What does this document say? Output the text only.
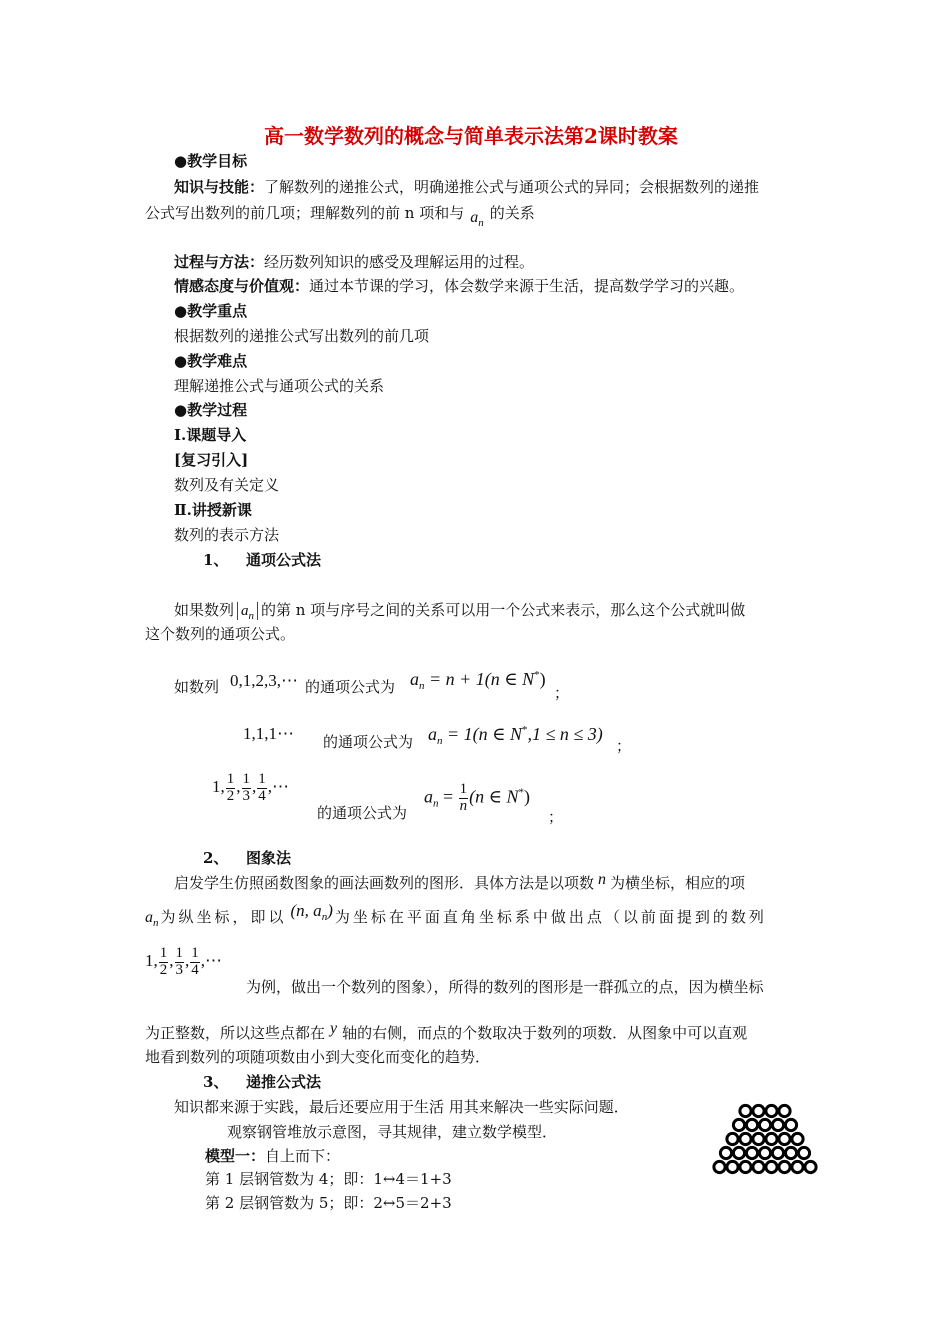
高一数学数列的概念与简单表示法第2课时教案
●教学目标
知识与技能：了解数列的递推公式，明确递推公式与通项公式的异同；会根据数列的递推
公式写出数列的前几项；理解数列的前 n 项和与 $a_n$的关系
过程与方法：经历数列知识的感受及理解运用的过程。
情感态度与价值观：通过本节课的学习，体会数学来源于生活，提高数学学习的兴趣。
●教学重点
根据数列的递推公式写出数列的前几项
●教学难点
理解递推公式与通项公式的关系
●教学过程
Ⅰ.课题导入
[复习引入]
数列及有关定义
Ⅱ.讲授新课
数列的表示方法
1、 通项公式法
如果数列 $a_n$ 的第 n 项与序号之间的关系可以用一个公式来表示，那么这个公式就叫做
这个数列的通项公式。
如数列 0,1,2,3,⋯ 的通项公式为 $a_n = n + 1(n$ ∈ N*)
；
1,1,1⋯ 的通项公式为 $a_n = 1(n$ ∈ N*,1 ≤ n ≤ 3)
；
1, $\frac{1}{2}$ , $\frac{1}{3}$ , $\frac{1}{4}$ ,⋯
的通项公式为
$a_n = \frac{1}{n} (n$ ∈ N*)
；
2、 图象法
启发学生仿照函数图象的画法画数列的图形．具体方法是以项数 n 为横坐标，相应的项
$a_n$ 为纵坐标，即以 (n, $a_n$) 为坐标在平面直角坐标系中做出点（以前面提到的数列
1, $\frac{1}{2}$ , $\frac{1}{3}$ , $\frac{1}{4}$ ,⋯
为例，做出一个数列的图象），所得的数列的图形是一群孤立的点，因为横坐标
为正整数，所以这些点都在 y 轴的右侧，而点的个数取决于数列的项数．从图象中可以直观
地看到数列的项随项数由小到大变化而变化的趋势．
3、 递推公式法
知识都来源于实践，最后还要应用于生活 用其来解决一些实际问题．
观察钢管堆放示意图，寻其规律，建立数学模型．
模型一：自上而下：
第 1 层钢管数为 4；即：1↔4＝1+3
第 2 层钢管数为 5；即：2↔5＝2+3
